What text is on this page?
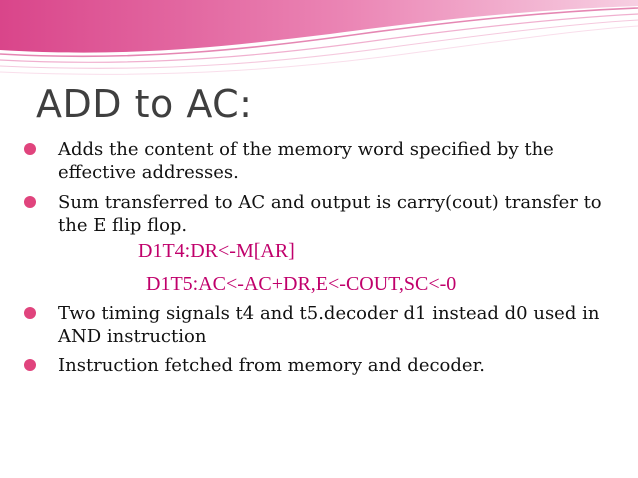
ADD to AC:

Adds the content of the memory word specified by the effective addresses.

Sum transferred to AC and output is carry(cout) transfer to the E flip flop.

D1T4:DR<-M[AR]
D1T5:AC<-AC+DR,E<-COUT,SC<-0

Two timing signals t4 and t5.decoder d1 instead d0 used in AND instruction

Instruction fetched from memory and decoder.
